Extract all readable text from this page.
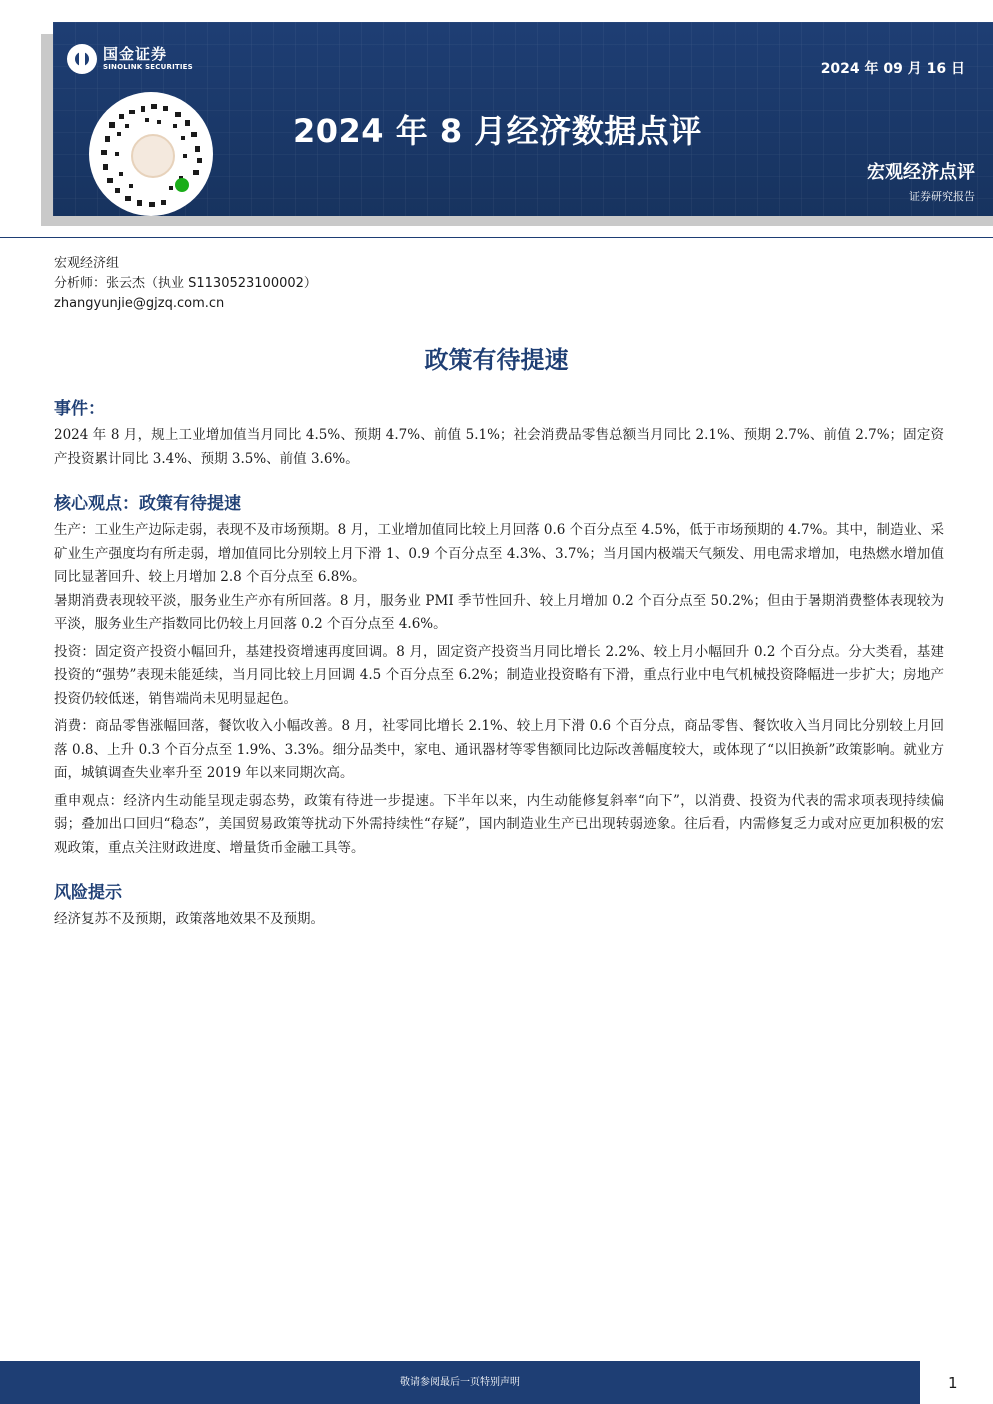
国金证券
SINOLINK SECURITIES	2024 年 09 月 16 日
2024 年 8 月经济数据点评
宏观经济点评
证券研究报告
宏观经济组
分析师：张云杰（执业 S1130523100002）
zhangyunjie@gjzq.com.cn
政策有待提速
事件：

2024 年 8 月，规上工业增加值当月同比 4.5%、预期 4.7%、前值 5.1%；社会消费品零售总额当月同比 2.1%、预期 2.7%、前值 2.7%；固定资产投资累计同比 3.4%、预期 3.5%、前值 3.6%。

核心观点：政策有待提速

生产：工业生产边际走弱，表现不及市场预期。8 月，工业增加值同比较上月回落 0.6 个百分点至 4.5%，低于市场预期的 4.7%。其中，制造业、采矿业生产强度均有所走弱，增加值同比分别较上月下滑 1、0.9 个百分点至 4.3%、3.7%；当月国内极端天气频发、用电需求增加，电热燃水增加值同比显著回升、较上月增加 2.8 个百分点至 6.8%。

暑期消费表现较平淡，服务业生产亦有所回落。8 月，服务业 PMI 季节性回升、较上月增加 0.2 个百分点至 50.2%；但由于暑期消费整体表现较为平淡，服务业生产指数同比仍较上月回落 0.2 个百分点至 4.6%。

投资：固定资产投资小幅回升，基建投资增速再度回调。8 月，固定资产投资当月同比增长 2.2%、较上月小幅回升 0.2 个百分点。分大类看，基建投资的“强势”表现未能延续，当月同比较上月回调 4.5 个百分点至 6.2%；制造业投资略有下滑，重点行业中电气机械投资降幅进一步扩大；房地产投资仍较低迷，销售端尚未见明显起色。

消费：商品零售涨幅回落，餐饮收入小幅改善。8 月，社零同比增长 2.1%、较上月下滑 0.6 个百分点，商品零售、餐饮收入当月同比分别较上月回落 0.8、上升 0.3 个百分点至 1.9%、3.3%。细分品类中，家电、通讯器材等零售额同比边际改善幅度较大，或体现了“以旧换新”政策影响。就业方面，城镇调查失业率升至 2019 年以来同期次高。

重申观点：经济内生动能呈现走弱态势，政策有待进一步提速。下半年以来，内生动能修复斜率“向下”，以消费、投资为代表的需求项表现持续偏弱；叠加出口回归“稳态”，美国贸易政策等扰动下外需持续性“存疑”，国内制造业生产已出现转弱迹象。往后看，内需修复乏力或对应更加积极的宏观政策，重点关注财政进度、增量货币金融工具等。

风险提示

经济复苏不及预期，政策落地效果不及预期。

敬请参阅最后一页特别声明	1
